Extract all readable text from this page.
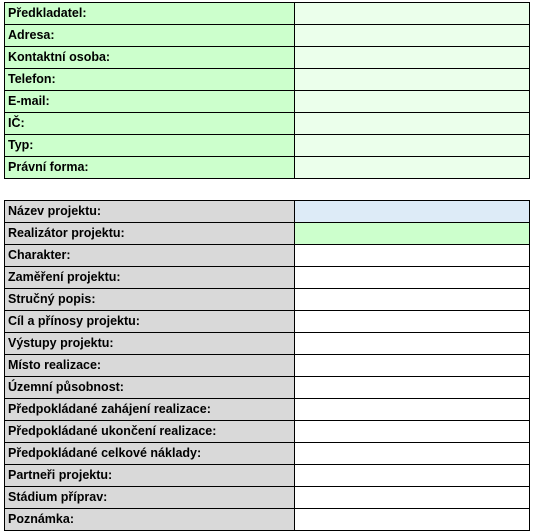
Předkladatel:	
Adresa:	
Kontaktní osoba:	
Telefon:	
E-mail:	
IČ:	
Typ:	
Právní forma:	
Název projektu:	
Realizátor projektu:	
Charakter:	
Zaměření projektu:	
Stručný popis:	
Cíl a přínosy projektu:	
Výstupy projektu:	
Místo realizace:	
Územní působnost:	
Předpokládané zahájení realizace:	
Předpokládané ukončení realizace:	
Předpokládané celkové náklady:	
Partneři projektu:	
Stádium příprav:	
Poznámka:	
